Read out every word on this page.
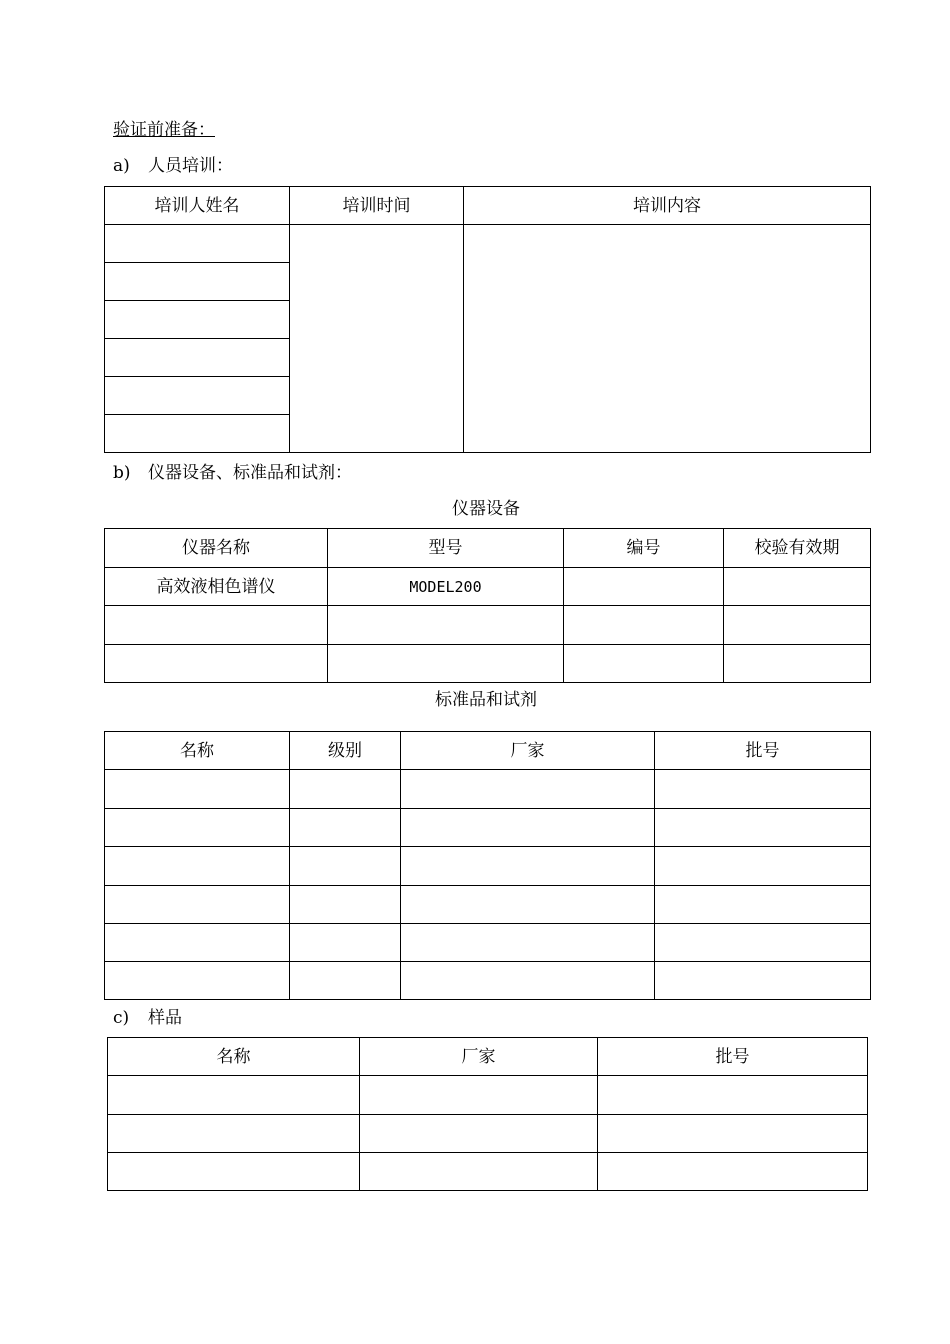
验证前准备：
a) 人员培训：
培训人姓名	培训时间	培训内容

b) 仪器设备、标准品和试剂：
仪器设备
仪器名称	型号	编号	校验有效期
高效液相色谱仪	MODEL200		

标准品和试剂
名称	级别	厂家	批号

c) 样品
名称	厂家	批号
